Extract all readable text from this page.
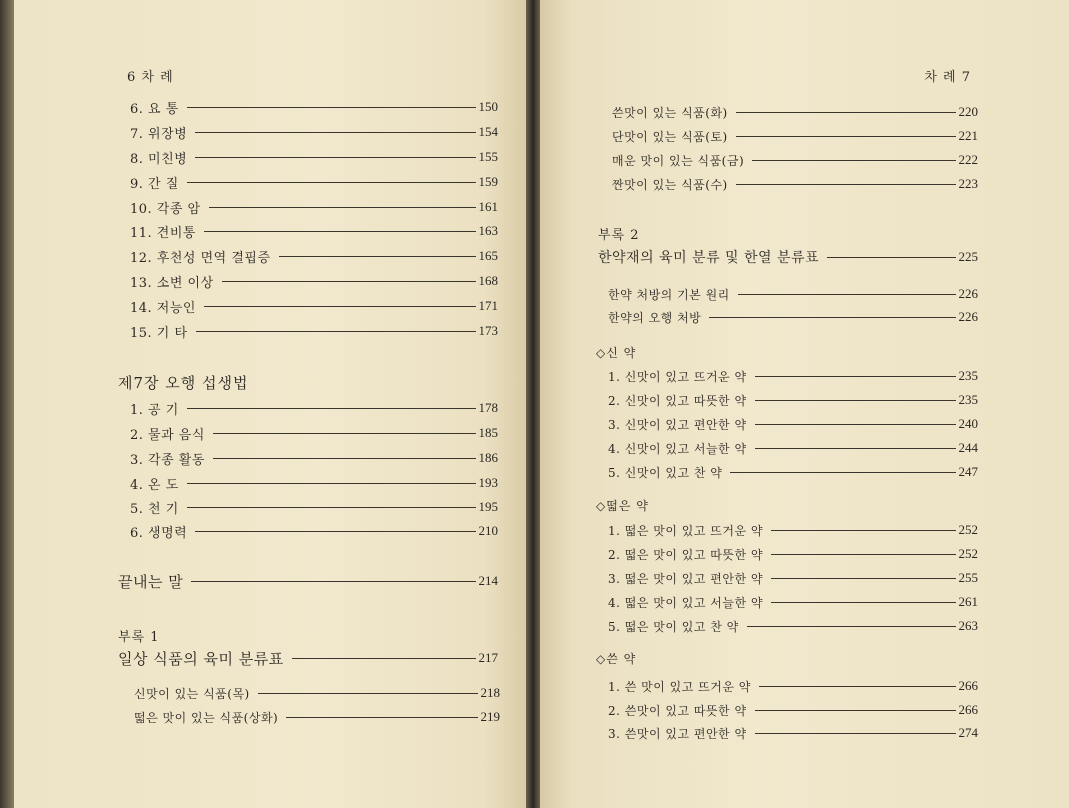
6 차 례
6. 요 통	150
7. 위장병	154
8. 미친병	155
9. 간 질	159
10. 각종 암	161
11. 견비통	163
12. 후천성 면역 결핍증	165
13. 소변 이상	168
14. 저능인	171
15. 기 타	173
제7장 오행 섭생법
1. 공 기	178
2. 물과 음식	185
3. 각종 활동	186
4. 온 도	193
5. 천 기	195
6. 생명력	210
끝내는 말	214
부록 1
일상 식품의 육미 분류표	217
신맛이 있는 식품(목)	218
떫은 맛이 있는 식품(상화)	219
차 례 7
쓴맛이 있는 식품(화)	220
단맛이 있는 식품(토)	221
매운 맛이 있는 식품(금)	222
짠맛이 있는 식품(수)	223
부록 2
한약재의 육미 분류 및 한열 분류표	225
한약 처방의 기본 원리	226
한약의 오행 처방	226
◇신 약
1. 신맛이 있고 뜨거운 약	235
2. 신맛이 있고 따뜻한 약	235
3. 신맛이 있고 편안한 약	240
4. 신맛이 있고 서늘한 약	244
5. 신맛이 있고 찬 약	247
◇떫은 약
1. 떫은 맛이 있고 뜨거운 약	252
2. 떫은 맛이 있고 따뜻한 약	252
3. 떫은 맛이 있고 편안한 약	255
4. 떫은 맛이 있고 서늘한 약	261
5. 떫은 맛이 있고 찬 약	263
◇쓴 약
1. 쓴 맛이 있고 뜨거운 약	266
2. 쓴맛이 있고 따뜻한 약	266
3. 쓴맛이 있고 편안한 약	274
